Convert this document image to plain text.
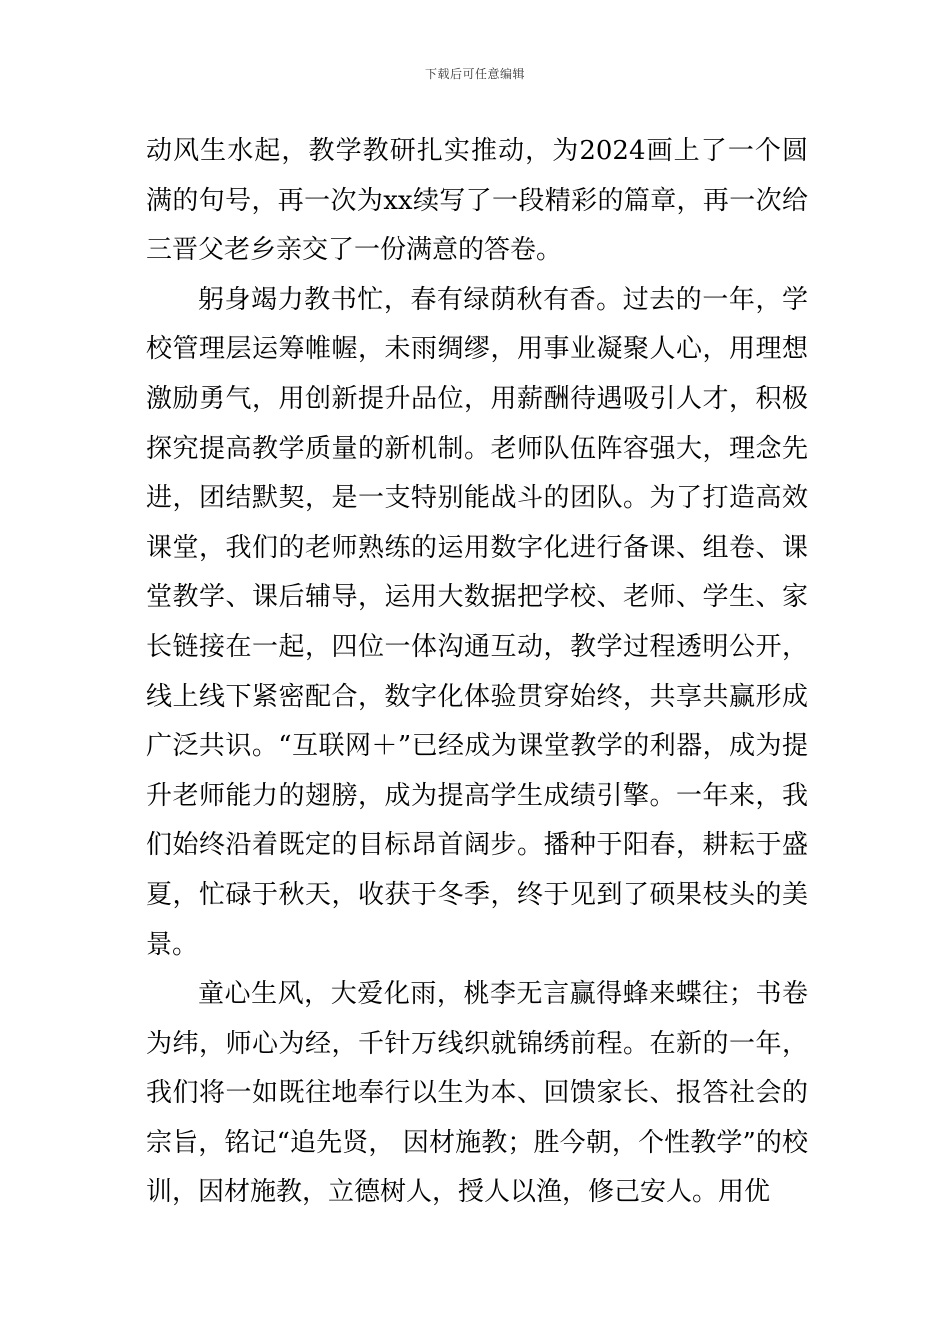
下载后可任意编辑

动风生水起，教学教研扎实推动，为2024画上了一个圆满的句号，再一次为xx续写了一段精彩的篇章，再一次给三晋父老乡亲交了一份满意的答卷。

躬身竭力教书忙，春有绿荫秋有香。过去的一年，学校管理层运筹帷幄，未雨绸缪，用事业凝聚人心，用理想激励勇气，用创新提升品位，用薪酬待遇吸引人才，积极探究提高教学质量的新机制。老师队伍阵容强大，理念先进，团结默契，是一支特别能战斗的团队。为了打造高效课堂，我们的老师熟练的运用数字化进行备课、组卷、课堂教学、课后辅导，运用大数据把学校、老师、学生、家长链接在一起，四位一体沟通互动，教学过程透明公开，线上线下紧密配合，数字化体验贯穿始终，共享共赢形成广泛共识。“互联网＋”已经成为课堂教学的利器，成为提升老师能力的翅膀，成为提高学生成绩引擎。一年来，我们始终沿着既定的目标昂首阔步。播种于阳春，耕耘于盛夏，忙碌于秋天，收获于冬季，终于见到了硕果枝头的美景。

童心生风，大爱化雨，桃李无言赢得蜂来蝶往；书卷为纬，师心为经，千针万线织就锦绣前程。在新的一年，我们将一如既往地奉行以生为本、回馈家长、报答社会的宗旨，铭记“追先贤， 因材施教；胜今朝，个性教学”的校训，因材施教，立德树人，授人以渔，修己安人。用优
